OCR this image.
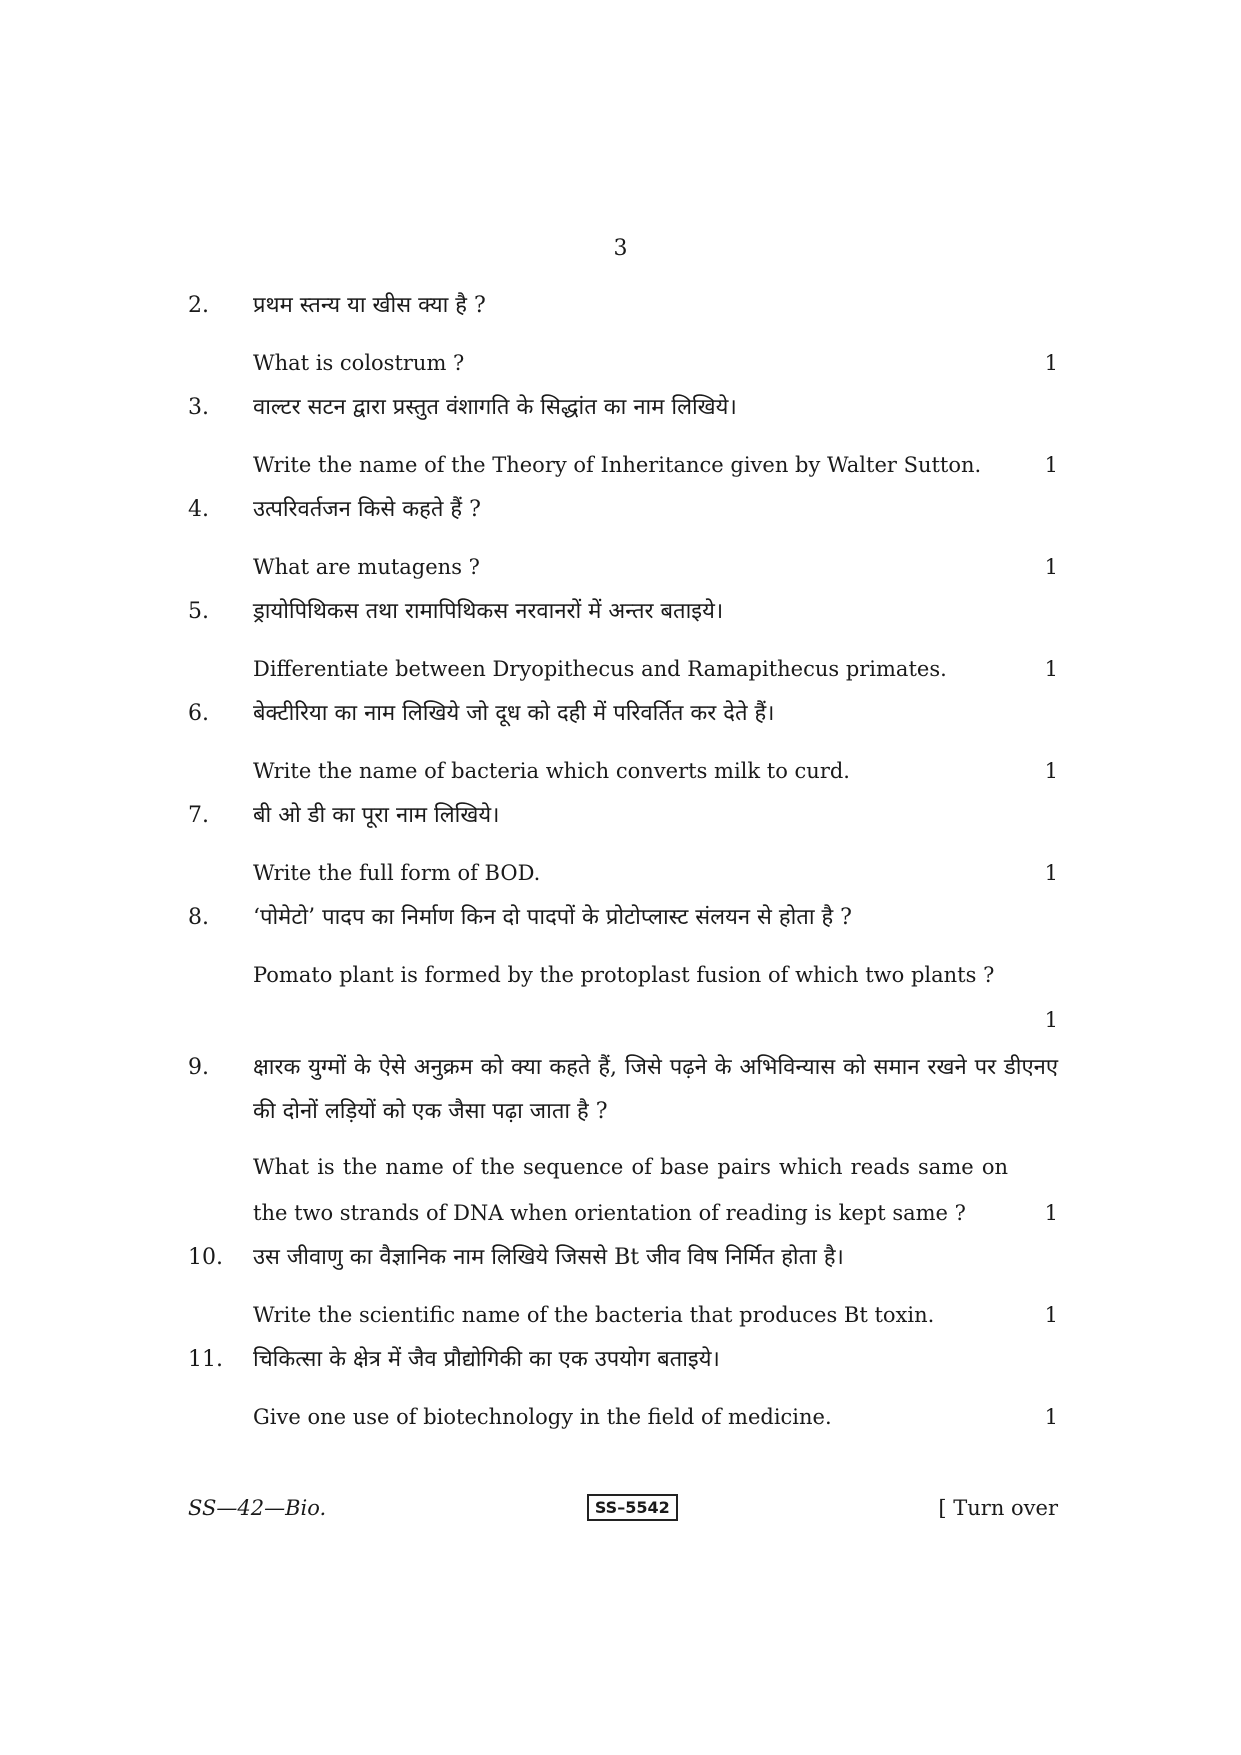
3
2. प्रथम स्तन्य या खीस क्या है ?
What is colostrum ?	1
3. वाल्टर सटन द्वारा प्रस्तुत वंशागति के सिद्धांत का नाम लिखिये।
Write the name of the Theory of Inheritance given by Walter Sutton.	1
4. उत्परिवर्तजन किसे कहते हैं ?
What are mutagens ?	1
5. ड्रायोपिथिकस तथा रामापिथिकस नरवानरों में अन्तर बताइये।
Differentiate between Dryopithecus and Ramapithecus primates.	1
6. बेक्टीरिया का नाम लिखिये जो दूध को दही में परिवर्तित कर देते हैं।
Write the name of bacteria which converts milk to curd.	1
7. बी ओ डी का पूरा नाम लिखिये।
Write the full form of BOD.	1
8. ‘पोमेटो’ पादप का निर्माण किन दो पादपों के प्रोटोप्लास्ट संलयन से होता है ?
Pomato plant is formed by the protoplast fusion of which two plants ?
1
9.	क्षारक युग्मों के ऐसे अनुक्रम को क्या कहते हैं, जिसे पढ़ने के अभिविन्यास को समान रखने पर डीएनए की दोनों लड़ियों को एक जैसा पढ़ा जाता है ?
What is the name of the sequence of base pairs which reads same on the two strands of DNA when orientation of reading is kept same ?	1
10. उस जीवाणु का वैज्ञानिक नाम लिखिये जिससे Bt जीव विष निर्मित होता है।
Write the scientific name of the bacteria that produces Bt toxin.	1
11. चिकित्सा के क्षेत्र में जैव प्रौद्योगिकी का एक उपयोग बताइये।
Give one use of biotechnology in the field of medicine.	1
SS—42—Bio.	SS–5542	[ Turn over
